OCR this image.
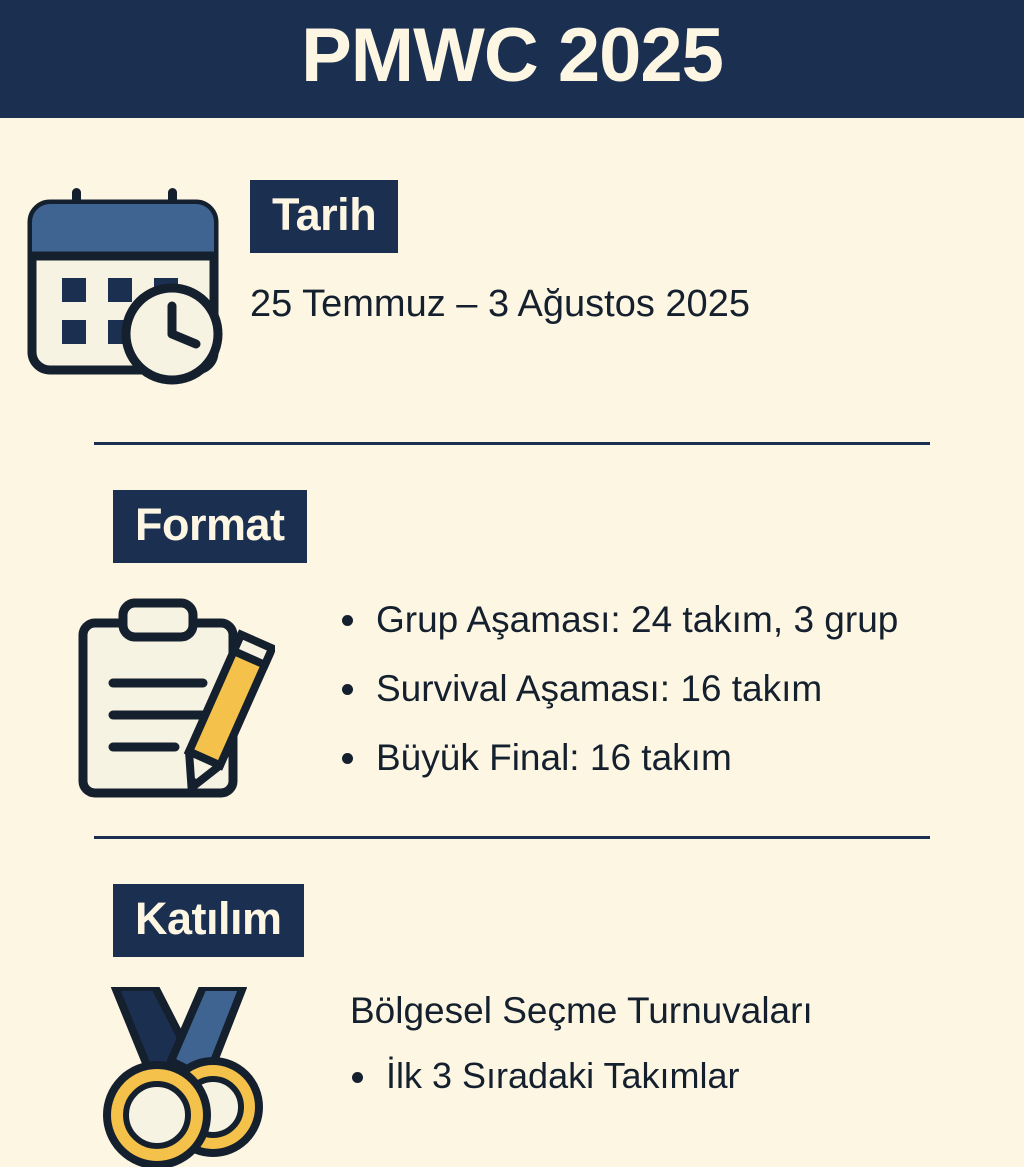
PMWC 2025
Tarih
25 Temmuz – 3 Ağustos 2025
Format
Grup Aşaması: 24 takım, 3 grup
Survival Aşaması: 16 takım
Büyük Final: 16 takım
Katılım

Bölgesel Seçme Turnuvaları

İlk 3 Sıradaki Takımlar
